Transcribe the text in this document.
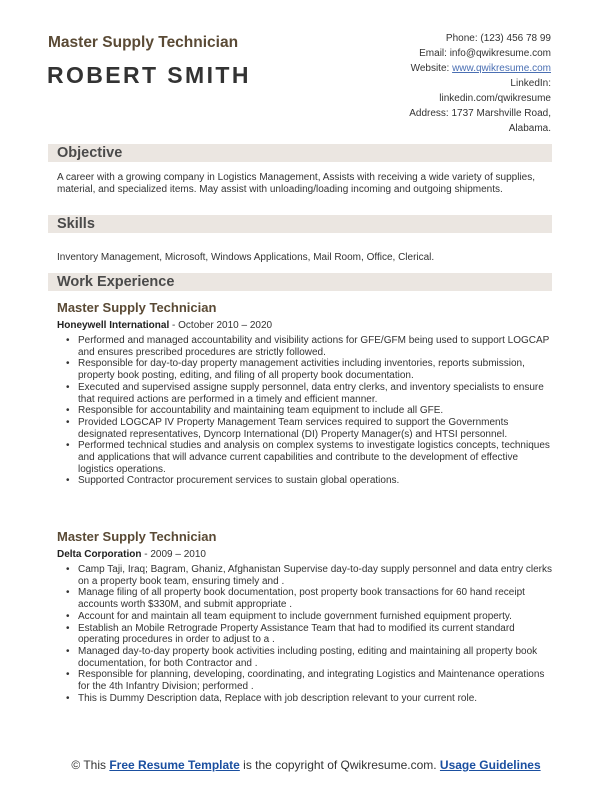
Master Supply Technician
ROBERT SMITH
Phone: (123) 456 78 99
Email: info@qwikresume.com
Website: www.qwikresume.com
LinkedIn:
linkedin.com/qwikresume
Address: 1737 Marshville Road,
Alabama.
Objective
A career with a growing company in Logistics Management, Assists with receiving a wide variety of supplies, material, and specialized items. May assist with unloading/loading incoming and outgoing shipments.
Skills
Inventory Management, Microsoft, Windows Applications, Mail Room, Office, Clerical.
Work Experience
Master Supply Technician
Honeywell International - October 2010 – 2020
• Performed and managed accountability and visibility actions for GFE/GFM being used to support LOGCAP and ensures prescribed procedures are strictly followed.
• Responsible for day-to-day property management activities including inventories, reports submission, property book posting, editing, and filing of all property book documentation.
• Executed and supervised assigne supply personnel, data entry clerks, and inventory specialists to ensure that required actions are performed in a timely and efficient manner.
• Responsible for accountability and maintaining team equipment to include all GFE.
• Provided LOGCAP IV Property Management Team services required to support the Governments designated representatives, Dyncorp International (DI) Property Manager(s) and HTSI personnel.
• Performed technical studies and analysis on complex systems to investigate logistics concepts, techniques and applications that will advance current capabilities and contribute to the development of effective logistics operations.
• Supported Contractor procurement services to sustain global operations.
Master Supply Technician
Delta Corporation - 2009 – 2010
• Camp Taji, Iraq; Bagram, Ghaniz, Afghanistan Supervise day-to-day supply personnel and data entry clerks on a property book team, ensuring timely and .
• Manage filing of all property book documentation, post property book transactions for 60 hand receipt accounts worth $330M, and submit appropriate .
• Account for and maintain all team equipment to include government furnished equipment property.
• Establish an Mobile Retrograde Property Assistance Team that had to modified its current standard operating procedures in order to adjust to a .
• Managed day-to-day property book activities including posting, editing and maintaining all property book documentation, for both Contractor and .
• Responsible for planning, developing, coordinating, and integrating Logistics and Maintenance operations for the 4th Infantry Division; performed .
• This is Dummy Description data, Replace with job description relevant to your current role.
© This Free Resume Template is the copyright of Qwikresume.com. Usage Guidelines
